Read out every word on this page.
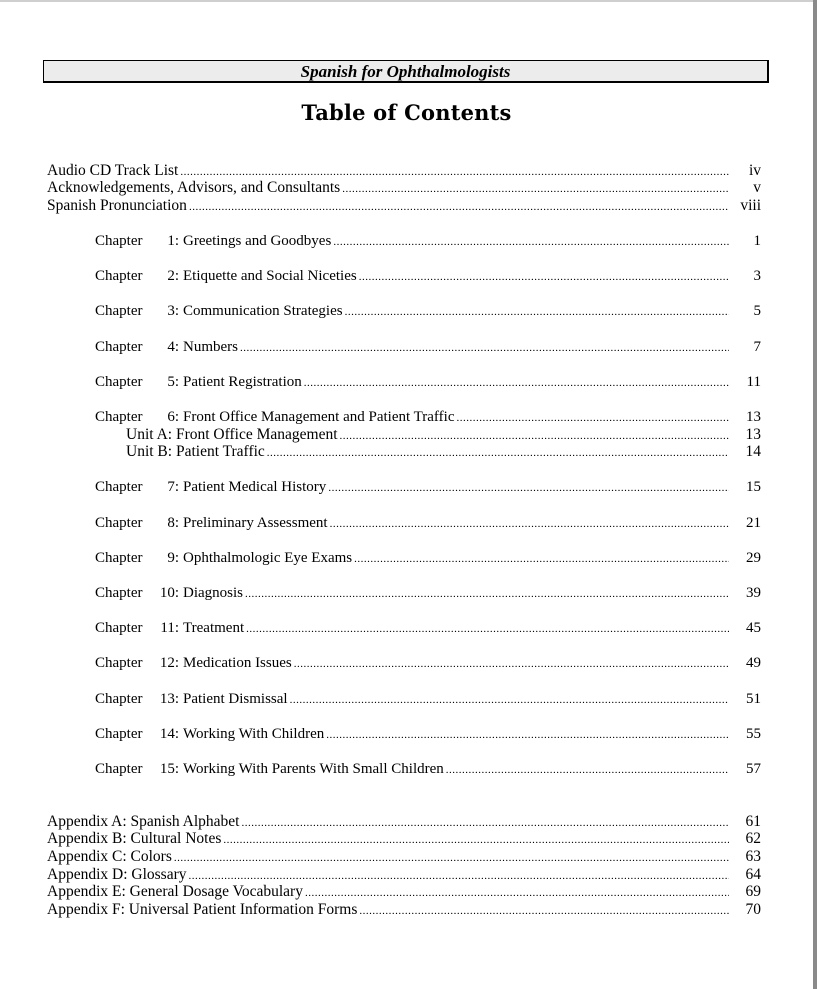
Spanish for Ophthalmologists
Table of Contents
Audio CD Track List .....	iv
Acknowledgements, Advisors, and Consultants .....	v
Spanish Pronunciation .....	viii
Chapter 1: Greetings and Goodbyes .....	1
Chapter 2: Etiquette and Social Niceties .....	3
Chapter 3: Communication Strategies .....	5
Chapter 4: Numbers .....	7
Chapter 5: Patient Registration .....	11
Chapter 6: Front Office Management and Patient Traffic .....	13
Unit A: Front Office Management .....	13
Unit B: Patient Traffic .....	14
Chapter 7: Patient Medical History .....	15
Chapter 8: Preliminary Assessment .....	21
Chapter 9: Ophthalmologic Eye Exams .....	29
Chapter 10: Diagnosis .....	39
Chapter 11: Treatment .....	45
Chapter 12: Medication Issues .....	49
Chapter 13: Patient Dismissal .....	51
Chapter 14: Working With Children .....	55
Chapter 15: Working With Parents With Small Children .....	57
Appendix A: Spanish Alphabet .....	61
Appendix B: Cultural Notes .....	62
Appendix C: Colors .....	63
Appendix D: Glossary .....	64
Appendix E: General Dosage Vocabulary .....	69
Appendix F: Universal Patient Information Forms .....	70
